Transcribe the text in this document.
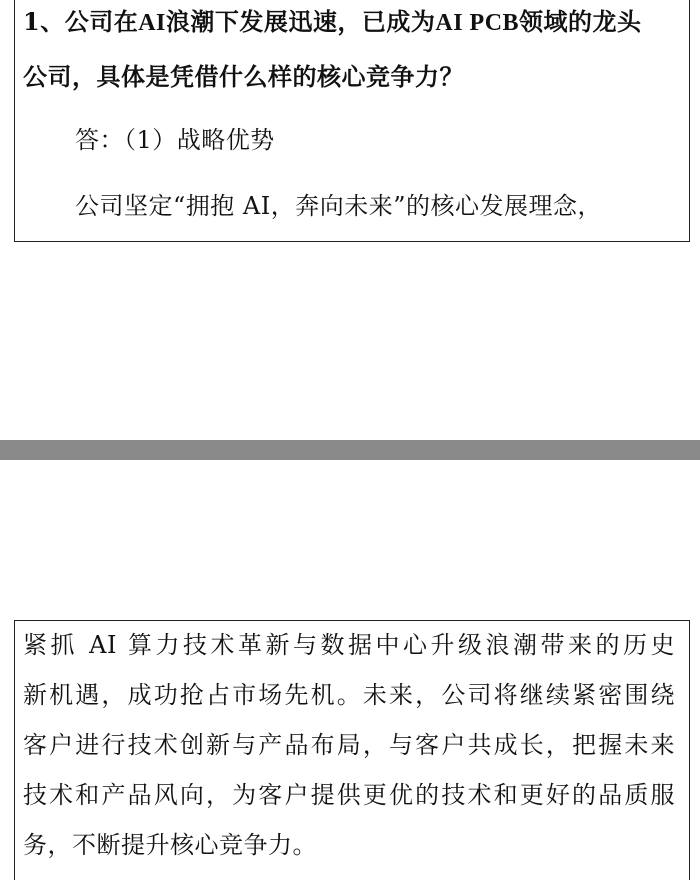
1、公司在AI浪潮下发展迅速，已成为AI PCB领域的龙头
公司，具体是凭借什么样的核心竞争力？
答：（1）战略优势
公司坚定“拥抱 AI，奔向未来”的核心发展理念，
紧抓 AI 算力技术革新与数据中心升级浪潮带来的历史
新机遇，成功抢占市场先机。未来，公司将继续紧密围绕
客户进行技术创新与产品布局，与客户共成长，把握未来
技术和产品风向，为客户提供更优的技术和更好的品质服
务，不断提升核心竞争力。
